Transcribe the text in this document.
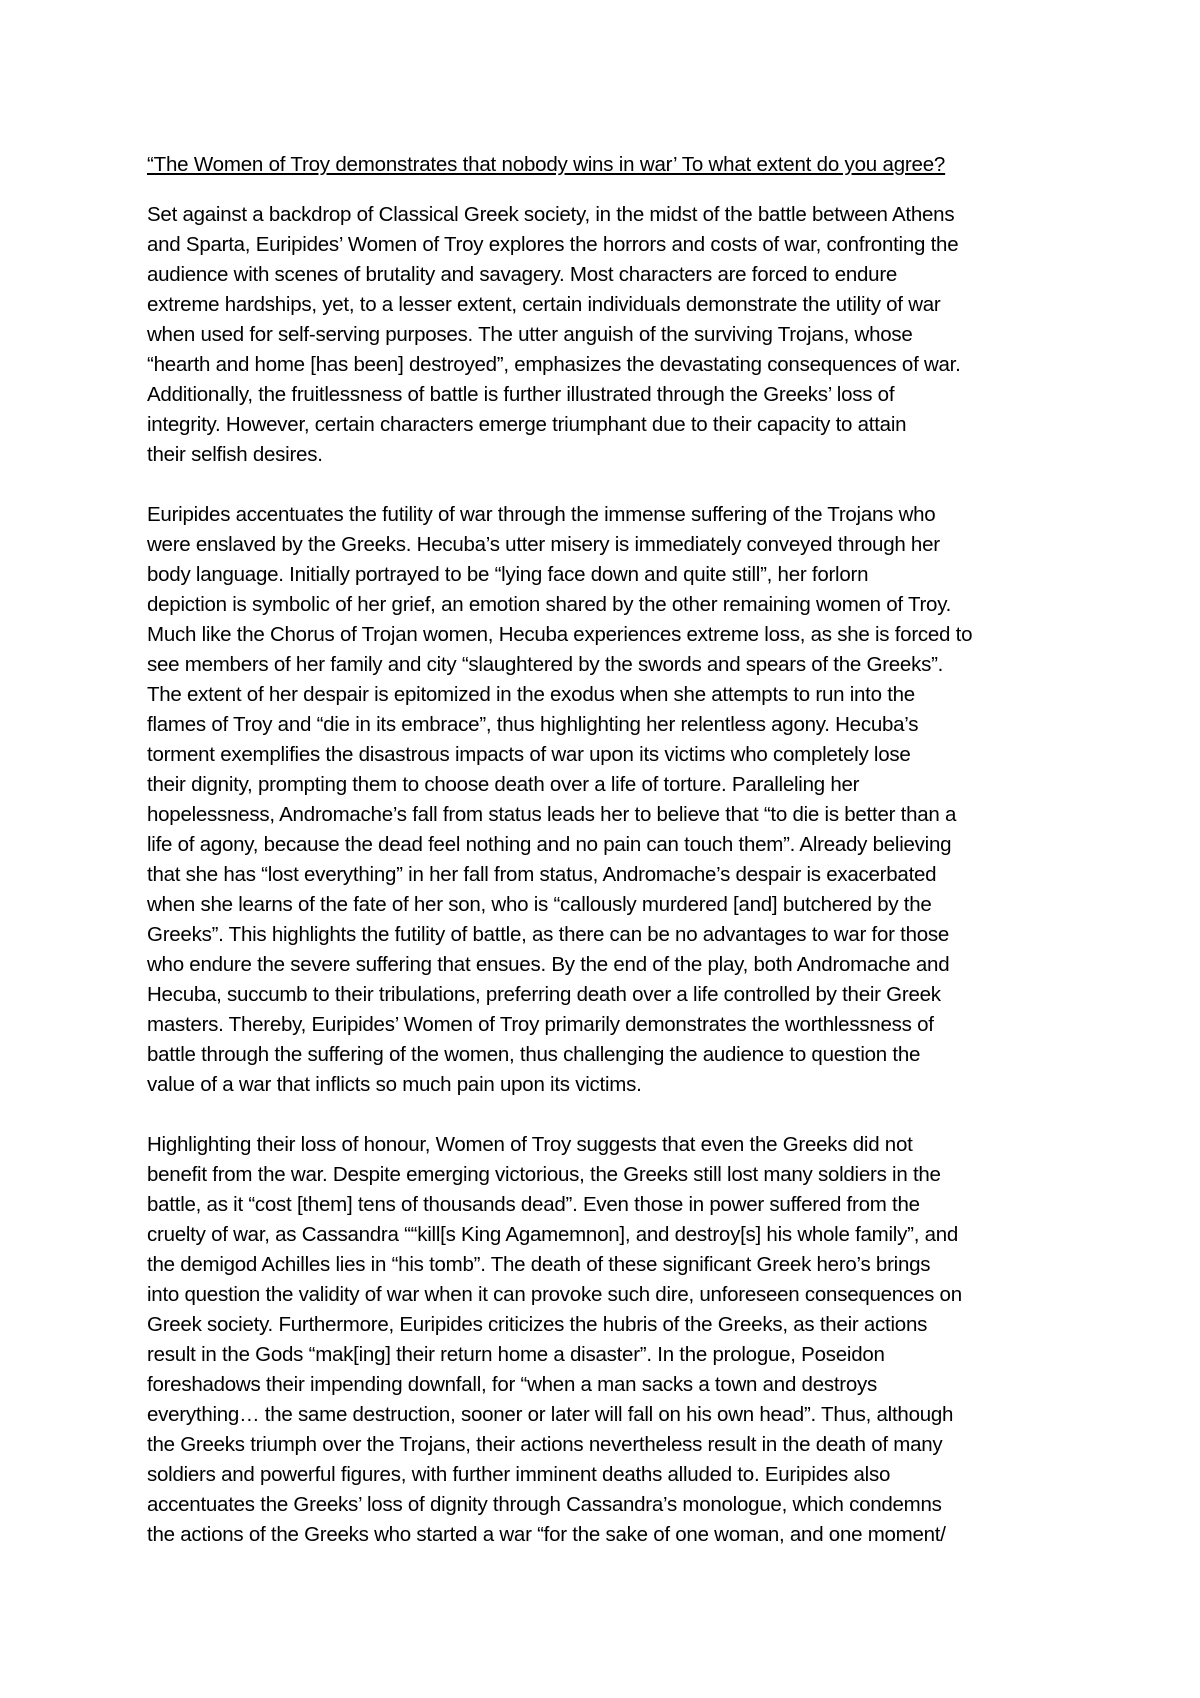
“The Women of Troy demonstrates that nobody wins in war’ To what extent do you agree?
Set against a backdrop of Classical Greek society, in the midst of the battle between Athens
and Sparta, Euripides’ Women of Troy explores the horrors and costs of war, confronting the
audience with scenes of brutality and savagery. Most characters are forced to endure
extreme hardships, yet, to a lesser extent, certain individuals demonstrate the utility of war
when used for self-serving purposes. The utter anguish of the surviving Trojans, whose
“hearth and home [has been] destroyed”, emphasizes the devastating consequences of war.
Additionally, the fruitlessness of battle is further illustrated through the Greeks’ loss of
integrity. However, certain characters emerge triumphant due to their capacity to attain
their selfish desires.
Euripides accentuates the futility of war through the immense suffering of the Trojans who
were enslaved by the Greeks. Hecuba’s utter misery is immediately conveyed through her
body language. Initially portrayed to be “lying face down and quite still”, her forlorn
depiction is symbolic of her grief, an emotion shared by the other remaining women of Troy.
Much like the Chorus of Trojan women, Hecuba experiences extreme loss, as she is forced to
see members of her family and city “slaughtered by the swords and spears of the Greeks”.
The extent of her despair is epitomized in the exodus when she attempts to run into the
flames of Troy and “die in its embrace”, thus highlighting her relentless agony. Hecuba’s
torment exemplifies the disastrous impacts of war upon its victims who completely lose
their dignity, prompting them to choose death over a life of torture. Paralleling her
hopelessness, Andromache’s fall from status leads her to believe that “to die is better than a
life of agony, because the dead feel nothing and no pain can touch them”. Already believing
that she has “lost everything” in her fall from status, Andromache’s despair is exacerbated
when she learns of the fate of her son, who is “callously murdered [and] butchered by the
Greeks”. This highlights the futility of battle, as there can be no advantages to war for those
who endure the severe suffering that ensues. By the end of the play, both Andromache and
Hecuba, succumb to their tribulations, preferring death over a life controlled by their Greek
masters. Thereby, Euripides’ Women of Troy primarily demonstrates the worthlessness of
battle through the suffering of the women, thus challenging the audience to question the
value of a war that inflicts so much pain upon its victims.
Highlighting their loss of honour, Women of Troy suggests that even the Greeks did not
benefit from the war. Despite emerging victorious, the Greeks still lost many soldiers in the
battle, as it “cost [them] tens of thousands dead”. Even those in power suffered from the
cruelty of war, as Cassandra ““kill[s King Agamemnon], and destroy[s] his whole family”, and
the demigod Achilles lies in “his tomb”. The death of these significant Greek hero’s brings
into question the validity of war when it can provoke such dire, unforeseen consequences on
Greek society. Furthermore, Euripides criticizes the hubris of the Greeks, as their actions
result in the Gods “mak[ing] their return home a disaster”. In the prologue, Poseidon
foreshadows their impending downfall, for “when a man sacks a town and destroys
everything… the same destruction, sooner or later will fall on his own head”. Thus, although
the Greeks triumph over the Trojans, their actions nevertheless result in the death of many
soldiers and powerful figures, with further imminent deaths alluded to. Euripides also
accentuates the Greeks’ loss of dignity through Cassandra’s monologue, which condemns
the actions of the Greeks who started a war “for the sake of one woman, and one moment/
